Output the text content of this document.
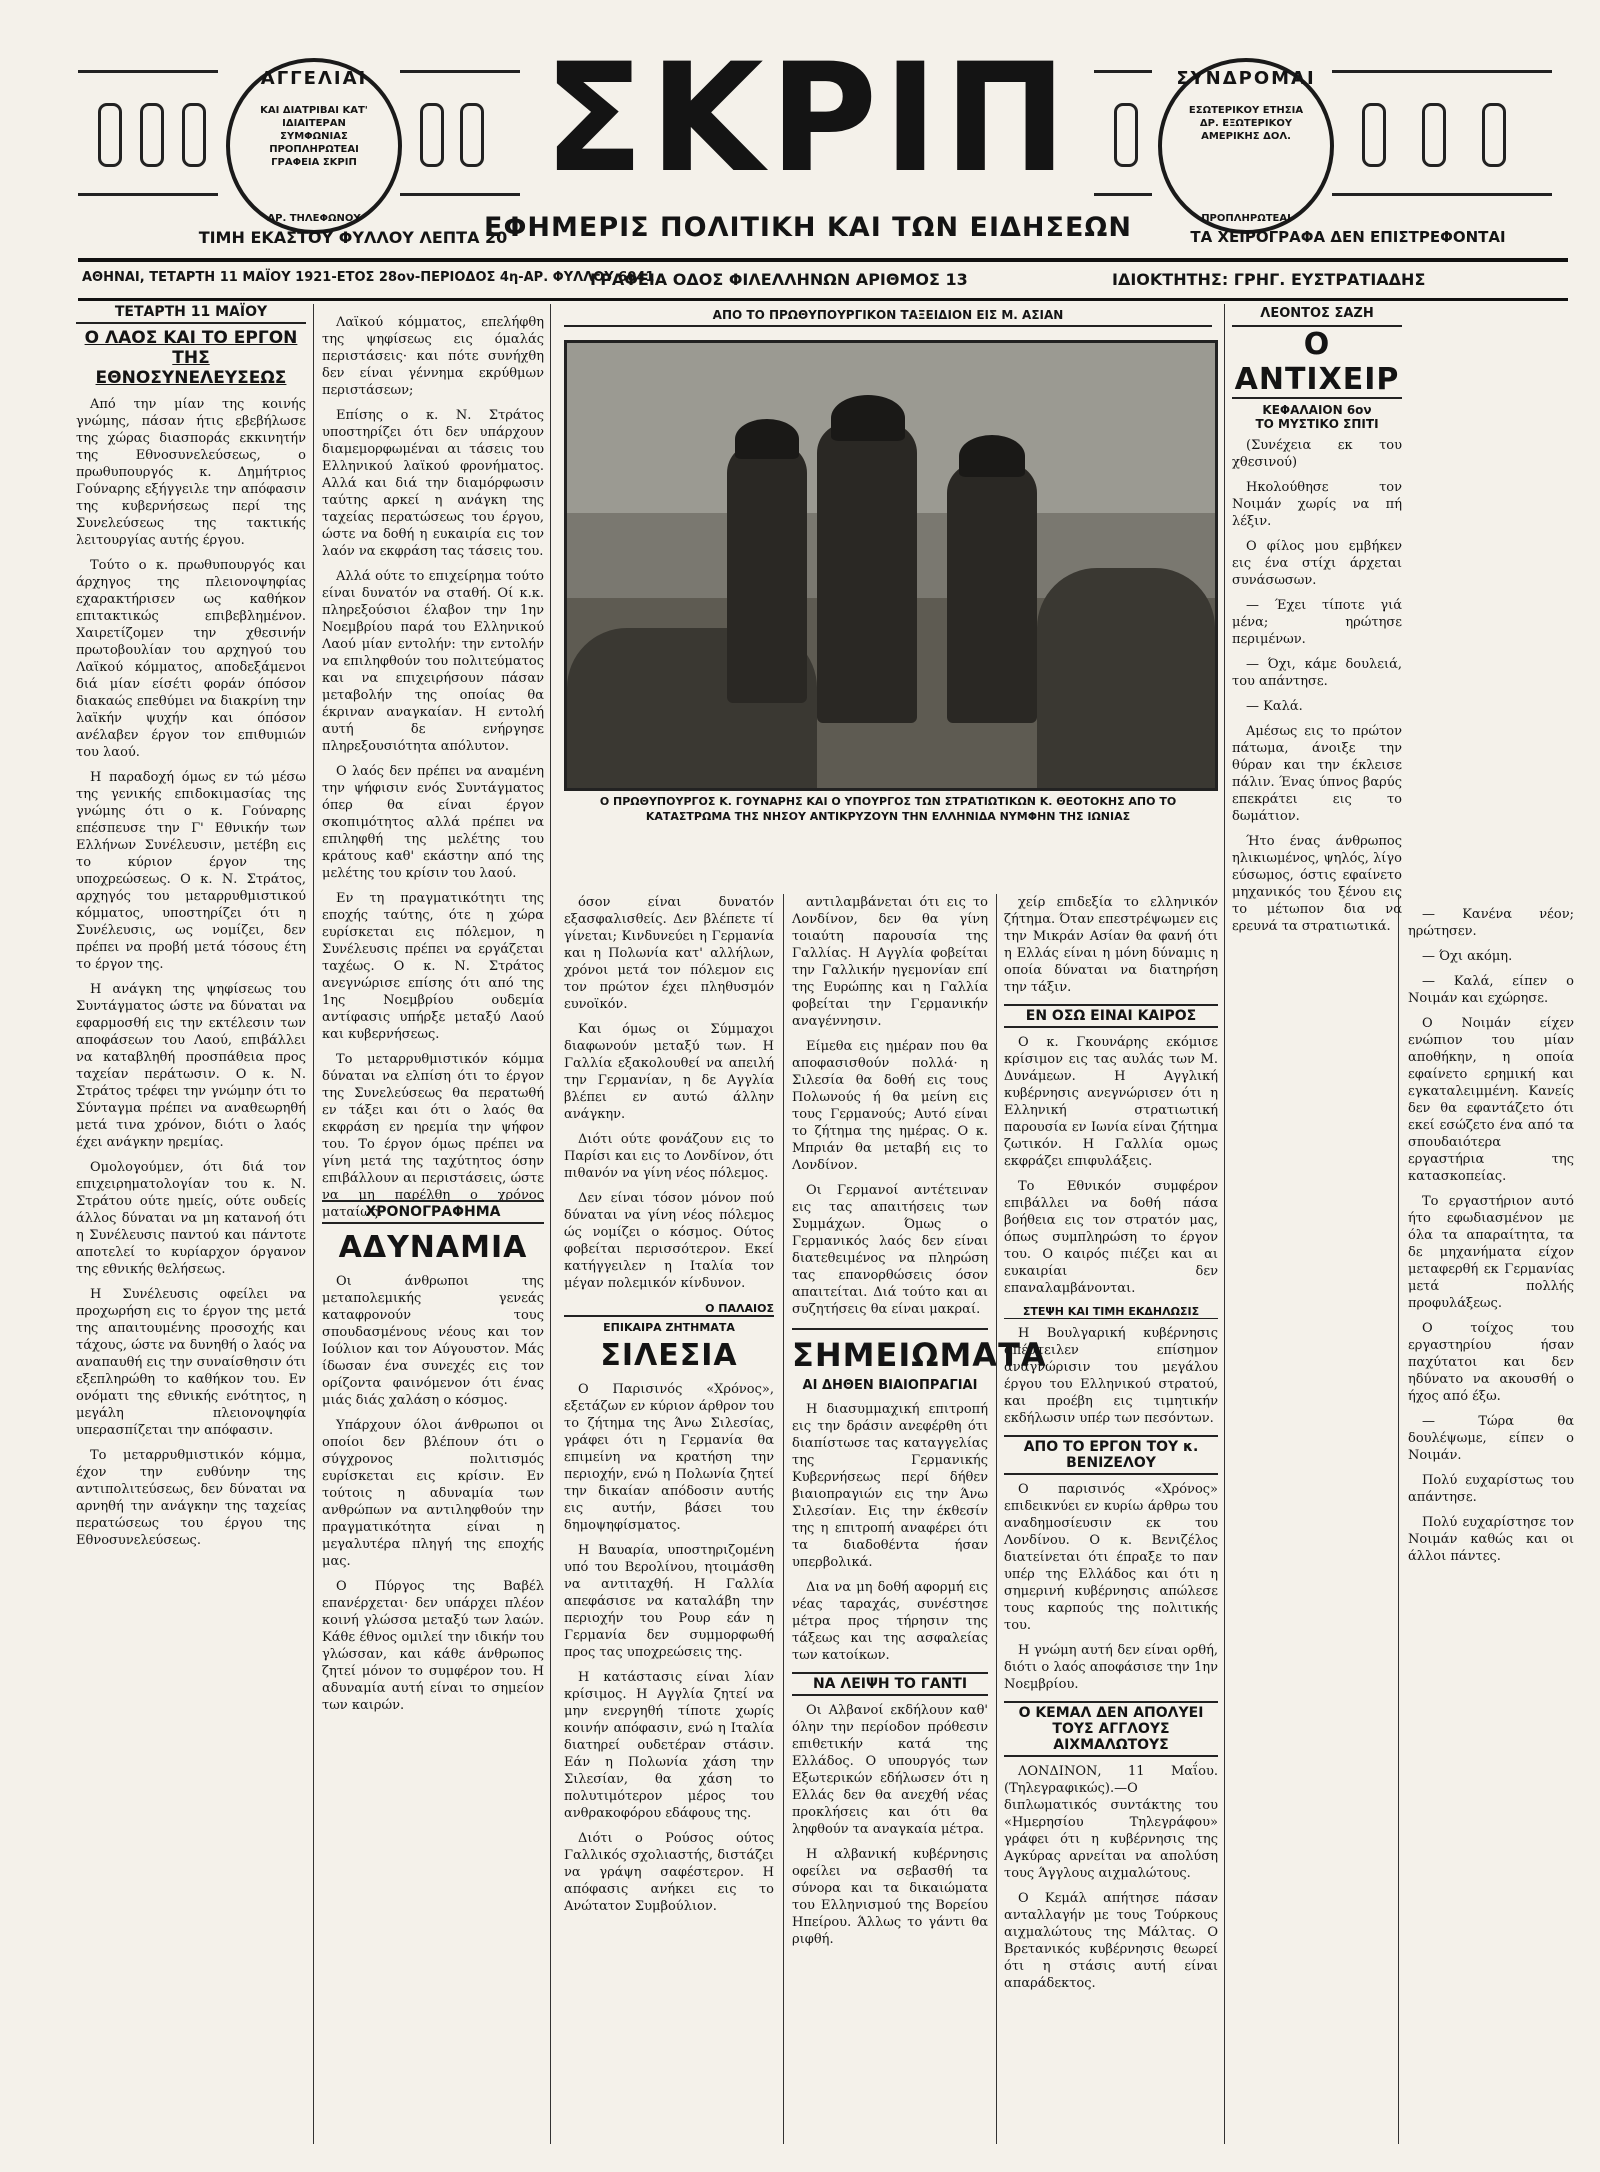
ΑΓΓΕΛΙΑΙ
ΚΑΙ ΔΙΑΤΡΙΒΑΙ ΚΑΤ' ΙΔΙΑΙΤΕΡΑΝ ΣΥΜΦΩΝΙΑΣ ΠΡΟΠΛΗΡΩΤΕΑΙ ΓΡΑΦΕΙΑ ΣΚΡΙΠ
ΑΡ. ΤΗΛΕΦΩΝΟΥ
ΣΚΡΙΠ	ΣΥΝΔΡΟΜΑΙ
ΕΣΩΤΕΡΙΚΟΥ ΕΤΗΣΙΑ ΔΡ. ΕΞΩΤΕΡΙΚΟΥ ΑΜΕΡΙΚΗΣ ΔΟΛ.
ΠΡΟΠΛΗΡΩΤΕΑΙ
ΕΦΗΜΕΡΙΣ ΠΟΛΙΤΙΚΗ ΚΑΙ ΤΩΝ ΕΙΔΗΣΕΩΝ
ΤΙΜΗ ΕΚΑΣΤΟΥ ΦΥΛΛΟΥ ΛΕΠΤΑ 20	ΤΑ ΧΕΙΡΟΓΡΑΦΑ ΔΕΝ ΕΠΙΣΤΡΕΦΟΝΤΑΙ
ΑΘΗΝΑΙ, ΤΕΤΑΡΤΗ 11 ΜΑΪΟΥ 1921-ΕΤΟΣ 28ον-ΠΕΡΙΟΔΟΣ 4η-ΑΡ. ΦΥΛΛΟΥ 6041
ΓΡΑΦΕΙΑ ΟΔΟΣ ΦΙΛΕΛΛΗΝΩΝ ΑΡΙΘΜΟΣ 13	ΙΔΙΟΚΤΗΤΗΣ: ΓΡΗΓ. ΕΥΣΤΡΑΤΙΑΔΗΣ
ΤΕΤΑΡΤΗ 11 ΜΑΪΟΥ
Ο ΛΑΟΣ ΚΑΙ ΤΟ ΕΡΓΟΝ ΤΗΣ ΕΘΝΟΣΥΝΕΛΕΥΣΕΩΣ

Από την μίαν της κοινής γνώμης, πάσαν ήτις εβεβήλωσε της χώρας διασποράς εκκινητήν της Εθνοσυνελεύσεως, ο πρωθυπουργός κ. Δημήτριος Γούναρης εξήγγειλε την απόφασιν της κυβερνήσεως περί της Συνελεύσεως της τακτικής λειτουργίας αυτής έργου.

Τούτο ο κ. πρωθυπουργός και άρχηγος της πλειονοψηφίας εχαρακτήρισεν ως καθήκον επιτακτικώς επιβεβλημένον. Χαιρετίζομεν την χθεσινήν πρωτοβουλίαν του αρχηγού του Λαϊκού κόμματος, αποδεξάμενοι διά μίαν είσέτι φοράν όπόσον διακαώς επεθύμει να διακρίνη την λαϊκήν ψυχήν και όπόσον ανέλαβεν έργον τον επιθυμιών του λαού.

Η παραδοχή όμως εν τώ μέσω της γενικής επιδοκιμασίας της γνώμης ότι ο κ. Γούναρης επέσπευσε την Γ' Εθνικήν των Ελλήνων Συνέλευσιν, μετέβη εις το κύριον έργον της υποχρεώσεως. Ο κ. Ν. Στράτος, αρχηγός του μεταρρυθμιστικού κόμματος, υποστηρίζει ότι η Συνέλευσις, ως νομίζει, δεν πρέπει να προβή μετά τόσους έτη το έργον της.

Η ανάγκη της ψηφίσεως του Συντάγματος ώστε να δύναται να εφαρμοσθή εις την εκτέλεσιν των αποφάσεων του Λαού, επιβάλλει να καταβληθή προσπάθεια προς ταχείαν περάτωσιν. Ο κ. Ν. Στράτος τρέφει την γνώμην ότι το Σύνταγμα πρέπει να αναθεωρηθή μετά τινα χρόνον, διότι ο λαός έχει ανάγκην ηρεμίας.

Ομολογούμεν, ότι διά τον επιχειρηματολογίαν του κ. Ν. Στράτου ούτε ημείς, ούτε ουδείς άλλος δύναται να μη κατανοή ότι η Συνέλευσις παντού και πάντοτε αποτελεί το κυρίαρχον όργανον της εθνικής θελήσεως.

Η Συνέλευσις οφείλει να προχωρήση εις το έργον της μετά της απαιτουμένης προσοχής και τάχους, ώστε να δυνηθή ο λαός να αναπαυθή εις την συναίσθησιν ότι εξεπληρώθη το καθήκον του. Εν ονόματι της εθνικής ενότητος, η μεγάλη πλειονοψηφία υπερασπίζεται την απόφασιν.

Το μεταρρυθμιστικόν κόμμα, έχον την ευθύνην της αντιπολιτεύσεως, δεν δύναται να αρνηθή την ανάγκην της ταχείας περατώσεως του έργου της Εθνοσυνελεύσεως.

Λαϊκού κόμματος, επελήφθη της ψηφίσεως εις όμαλάς περιστάσεις· και πότε συνήχθη δεν είναι γέννημα εκρύθμων περιστάσεων;

Επίσης ο κ. Ν. Στράτος υποστηρίζει ότι δεν υπάρχουν διαμεμορφωμέναι αι τάσεις του Ελληνικού λαϊκού φρονήματος. Αλλά και διά την διαμόρφωσιν ταύτης αρκεί η ανάγκη της ταχείας περατώσεως του έργου, ώστε να δοθή η ευκαιρία εις τον λαόν να εκφράση τας τάσεις του.

Αλλά ούτε το επιχείρημα τούτο είναι δυνατόν να σταθή. Οί κ.κ. πληρεξούσιοι έλαβον την 1ην Νοεμβρίου παρά του Ελληνικού Λαού μίαν εντολήν: την εντολήν να επιληφθούν του πολιτεύματος και να επιχειρήσουν πάσαν μεταβολήν της οποίας θα έκριναν αναγκαίαν. Η εντολή αυτή δε ενήργησε πληρεξουσιότητα απόλυτον.

Ο λαός δεν πρέπει να αναμένη την ψήφισιν ενός Συντάγματος όπερ θα είναι έργον σκοπιμότητος αλλά πρέπει να επιληφθή της μελέτης του κράτους καθ' εκάστην από της μελέτης του κρίσιν του λαού.

Εν τη πραγματικότητι της εποχής ταύτης, ότε η χώρα ευρίσκεται εις πόλεμον, η Συνέλευσις πρέπει να εργάζεται ταχέως. Ο κ. Ν. Στράτος ανεγνώρισε επίσης ότι από της 1ης Νοεμβρίου ουδεμία αντίφασις υπήρξε μεταξύ Λαού και κυβερνήσεως.

Το μεταρρυθμιστικόν κόμμα δύναται να ελπίση ότι το έργον της Συνελεύσεως θα περατωθή εν τάξει και ότι ο λαός θα εκφράση εν ηρεμία την ψήφον του. Το έργον όμως πρέπει να γίνη μετά της ταχύτητος όσην επιβάλλουν αι περιστάσεις, ώστε να μη παρέλθη ο χρόνος ματαίως.

ΧΡΟΝΟΓΡΑΦΗΜΑ
ΑΔΥΝΑΜΙΑ

Οι άνθρωποι της μεταπολεμικής γενεάς καταφρονούν τους σπουδασμένους νέους και τον Ιούλιον και τον Αύγουστον. Μάς ίδωσαν ένα συνεχές εις τον ορίζοντα φαινόμενον ότι ένας μιάς διάς χαλάση ο κόσμος.

Υπάρχουν όλοι άνθρωποι οι οποίοι δεν βλέπουν ότι ο σύγχρονος πολιτισμός ευρίσκεται εις κρίσιν. Εν τούτοις η αδυναμία των ανθρώπων να αντιληφθούν την πραγματικότητα είναι η μεγαλυτέρα πληγή της εποχής μας.

Ο Πύργος της Βαβέλ επανέρχεται· δεν υπάρχει πλέον κοινή γλώσσα μεταξύ των λαών. Κάθε έθνος ομιλεί την ιδικήν του γλώσσαν, και κάθε άνθρωπος ζητεί μόνον το συμφέρον του. Η αδυναμία αυτή είναι το σημείον των καιρών.

ΑΠΟ ΤΟ ΠΡΩΘΥΠΟΥΡΓΙΚΟΝ ΤΑΞΕΙΔΙΟΝ ΕΙΣ Μ. ΑΣΙΑΝ
Ο ΠΡΩΘΥΠΟΥΡΓΟΣ Κ. ΓΟΥΝΑΡΗΣ ΚΑΙ Ο ΥΠΟΥΡΓΟΣ ΤΩΝ ΣΤΡΑΤΙΩΤΙΚΩΝ Κ. ΘΕΟΤΟΚΗΣ ΑΠΟ ΤΟ ΚΑΤΑΣΤΡΩΜΑ ΤΗΣ ΝΗΣΟΥ ΑΝΤΙΚΡΥΖΟΥΝ ΤΗΝ ΕΛΛΗΝΙΔΑ ΝΥΜΦΗΝ ΤΗΣ ΙΩΝΙΑΣ

όσον είναι δυνατόν εξασφαλισθείς. Δεν βλέπετε τί γίνεται; Κινδυνεύει η Γερμανία και η Πολωνία κατ' αλλήλων, χρόνοι μετά τον πόλεμον εις τον πρώτον έχει πληθυσμόν ευνοϊκόν.

Και όμως οι Σύμμαχοι διαφωνούν μεταξύ των. Η Γαλλία εξακολουθεί να απειλή την Γερμανίαν, η δε Αγγλία βλέπει εν αυτώ άλλην ανάγκην.

Διότι ούτε φονάζουν εις το Παρίσι και εις το Λονδίνον, ότι πιθανόν να γίνη νέος πόλεμος.

Δεν είναι τόσον μόνον πού δύναται να γίνη νέος πόλεμος ώς νομίζει ο κόσμος. Ούτος φοβείται περισσότερον. Εκεί κατήγγειλεν η Ιταλία τον μέγαν πολεμικόν κίνδυνον.

Ο ΠΑΛΑΙΟΣ
ΕΠΙΚΑΙΡΑ ΖΗΤΗΜΑΤΑ
ΣΙΛΕΣΙΑ

Ο Παρισινός «Χρόνος», εξετάζων εν κύριον άρθρον του το ζήτημα της Άνω Σιλεσίας, γράφει ότι η Γερμανία θα επιμείνη να κρατήση την περιοχήν, ενώ η Πολωνία ζητεί την δικαίαν απόδοσιν αυτής εις αυτήν, βάσει του δημοψηφίσματος.

Η Βαυαρία, υποστηριζομένη υπό του Βερολίνου, ητοιμάσθη να αντιταχθή. Η Γαλλία απεφάσισε να καταλάβη την περιοχήν του Ρουρ εάν η Γερμανία δεν συμμορφωθή προς τας υποχρεώσεις της.

Η κατάστασις είναι λίαν κρίσιμος. Η Αγγλία ζητεί να μην ενεργηθή τίποτε χωρίς κοινήν απόφασιν, ενώ η Ιταλία διατηρεί ουδετέραν στάσιν. Εάν η Πολωνία χάση την Σιλεσίαν, θα χάση το πολυτιμότερον μέρος του ανθρακοφόρου εδάφους της.

Διότι ο Ρούσος ούτος Γαλλικός σχολιαστής, διστάζει να γράψη σαφέστερον. Η απόφασις ανήκει εις το Ανώτατον Συμβούλιον.

αντιλαμβάνεται ότι εις το Λονδίνον, δεν θα γίνη τοιαύτη παρουσία της Γαλλίας. Η Αγγλία φοβείται την Γαλλικήν ηγεμονίαν επί της Ευρώπης και η Γαλλία φοβείται την Γερμανικήν αναγέννησιν.

Είμεθα εις ημέραν που θα αποφασισθούν πολλά· η Σιλεσία θα δοθή εις τους Πολωνούς ή θα μείνη εις τους Γερμανούς; Αυτό είναι το ζήτημα της ημέρας. Ο κ. Μπριάν θα μεταβή εις το Λονδίνον.

Οι Γερμανοί αντέτειναν εις τας απαιτήσεις των Συμμάχων. Όμως ο Γερμανικός λαός δεν είναι διατεθειμένος να πληρώση τας επανορθώσεις όσον απαιτείται. Διά τούτο και αι συζητήσεις θα είναι μακραί.

ΣΗΜΕΙΩΜΑΤΑ
ΑΙ ΔΗΘΕΝ ΒΙΑΙΟΠΡΑΓΙΑΙ

Η διασυμμαχική επιτροπή εις την δράσιν ανεφέρθη ότι διαπίστωσε τας καταγγελίας της Γερμανικής Κυβερνήσεως περί δήθεν βιαιοπραγιών εις την Άνω Σιλεσίαν. Εις την έκθεσίν της η επιτροπή αναφέρει ότι τα διαδοθέντα ήσαν υπερβολικά.

Δια να μη δοθή αφορμή εις νέας ταραχάς, συνέστησε μέτρα προς τήρησιν της τάξεως και της ασφαλείας των κατοίκων.

ΝΑ ΛΕΙΨΗ ΤΟ ΓΑΝΤΙ

Οι Αλβανοί εκδήλουν καθ' όλην την περίοδον πρόθεσιν επιθετικήν κατά της Ελλάδος. Ο υπουργός των Εξωτερικών εδήλωσεν ότι η Ελλάς δεν θα ανεχθή νέας προκλήσεις και ότι θα ληφθούν τα αναγκαία μέτρα.

Η αλβανική κυβέρνησις οφείλει να σεβασθή τα σύνορα και τα δικαιώματα του Ελληνισμού της Βορείου Ηπείρου. Άλλως το γάντι θα ριφθή.

χείρ επιδεξία το ελληνικόν ζήτημα. Όταν επεστρέψωμεν εις την Μικράν Ασίαν θα φανή ότι η Ελλάς είναι η μόνη δύναμις η οποία δύναται να διατηρήση την τάξιν.

ΕΝ ΟΣΩ ΕΙΝΑΙ ΚΑΙΡΟΣ

Ο κ. Γκουνάρης εκόμισε κρίσιμον εις τας αυλάς των Μ. Δυνάμεων. Η Αγγλική κυβέρνησις ανεγνώρισεν ότι η Ελληνική στρατιωτική παρουσία εν Ιωνία είναι ζήτημα ζωτικόν. Η Γαλλία ομως εκφράζει επιφυλάξεις.

Το Εθνικόν συμφέρον επιβάλλει να δοθή πάσα βοήθεια εις τον στρατόν μας, όπως συμπληρώση το έργον του. Ο καιρός πιέζει και αι ευκαιρίαι δεν επαναλαμβάνονται.

ΣΤΕΨΗ ΚΑΙ ΤΙΜΗ ΕΚΔΗΛΩΣΙΣ

Η Βουλγαρική κυβέρνησις απέστειλεν επίσημον αναγνώρισιν του μεγάλου έργου του Ελληνικού στρατού, και προέβη εις τιμητικήν εκδήλωσιν υπέρ των πεσόντων.

ΑΠΟ ΤΟ ΕΡΓΟΝ ΤΟΥ κ. ΒΕΝΙΖΕΛΟΥ

Ο παρισινός «Χρόνος» επιδεικνύει εν κυρίω άρθρω του αναδημοσίευσιν εκ του Λονδίνου. Ο κ. Βενιζέλος διατείνεται ότι έπραξε το παν υπέρ της Ελλάδος και ότι η σημερινή κυβέρνησις απώλεσε τους καρπούς της πολιτικής του.

Η γνώμη αυτή δεν είναι ορθή, διότι ο λαός αποφάσισε την 1ην Νοεμβρίου.

Ο ΚΕΜΑΛ ΔΕΝ ΑΠΟΛΥΕΙ ΤΟΥΣ ΑΓΓΛΟΥΣ ΑΙΧΜΑΛΩΤΟΥΣ

ΛΟΝΔΙΝΟΝ, 11 Μαΐου. (Τηλεγραφικώς).—Ο διπλωματικός συντάκτης του «Ημερησίου Τηλεγράφου» γράφει ότι η κυβέρνησις της Αγκύρας αρνείται να απολύση τους Άγγλους αιχμαλώτους.

Ο Κεμάλ απήτησε πάσαν ανταλλαγήν με τους Τούρκους αιχμαλώτους της Μάλτας. Ο Βρετανικός κυβέρνησις θεωρεί ότι η στάσις αυτή είναι απαράδεκτος.

ΛΕΟΝΤΟΣ ΣΑΖΗ
Ο ΑΝΤΙΧΕΙΡ
ΚΕΦΑΛΑΙΟΝ 6ον
ΤΟ ΜΥΣΤΙΚΟ ΣΠΙΤΙ

(Συνέχεια εκ του χθεσινού)

Ηκολούθησε τον Νοιμάν χωρίς να πή λέξιν.

Ο φίλος μου εμβήκεν εις ένα στίχι άρχεται συνάσωσων.

— Έχει τίποτε γιά μένα; ηρώτησε περιμένων.

— Όχι, κάμε δουλειά, του απάντησε.

— Καλά.

Αμέσως εις το πρώτον πάτωμα, άνοιξε την θύραν και την έκλεισε πάλιν. Ένας ύπνος βαρύς επεκράτει εις το δωμάτιον.

Ήτο ένας άνθρωπος ηλικιωμένος, ψηλός, λίγο εύσωμος, όστις εφαίνετο μηχανικός του ξένου εις το μέτωπον δια να ερευνά τα στρατιωτικά.

— Κανένα νέον; ηρώτησεν.

— Όχι ακόμη.

— Καλά, είπεν ο Νοιμάν και εχώρησε.

Ο Νοιμάν είχεν ενώπιον του μίαν αποθήκην, η οποία εφαίνετο ερημική και εγκαταλειμμένη. Κανείς δεν θα εφαντάζετο ότι εκεί εσώζετο ένα από τα σπουδαιότερα εργαστήρια της κατασκοπείας.

Το εργαστήριον αυτό ήτο εφωδιασμένον με όλα τα απαραίτητα, τα δε μηχανήματα είχον μεταφερθή εκ Γερμανίας μετά πολλής προφυλάξεως.

Ο τοίχος του εργαστηρίου ήσαν παχύτατοι και δεν ηδύνατο να ακουσθή ο ήχος από έξω.

— Τώρα θα δουλέψωμε, είπεν ο Νοιμάν.

Πολύ ευχαρίστως του απάντησε.

Πολύ ευχαρίστησε τον Νοιμάν καθώς και οι άλλοι πάντες.
